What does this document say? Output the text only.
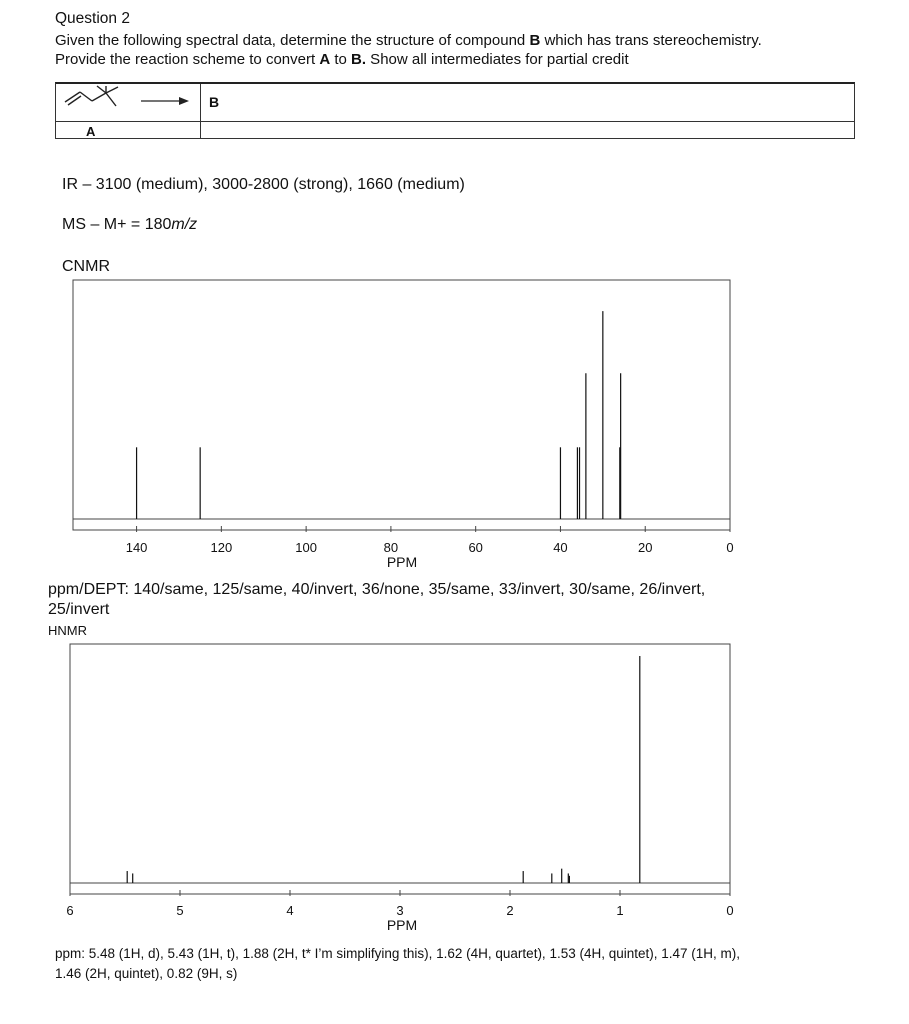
Question 2
Given the following spectral data, determine the structure of compound B which has trans stereochemistry.
Provide the reaction scheme to convert A to B. Show all intermediates for partial credit
A
B
IR – 3100 (medium), 3000-2800 (strong), 1660 (medium)
MS – M+ = 180m/z
CNMR
140	120	100	80	60	40	20	0
PPM
ppm/DEPT: 140/same, 125/same, 40/invert, 36/none, 35/same, 33/invert, 30/same, 26/invert,
25/invert
HNMR
6	5	4	3	2	1	0
PPM
ppm: 5.48 (1H, d), 5.43 (1H, t), 1.88 (2H, t* I’m simplifying this), 1.62 (4H, quartet), 1.53 (4H, quintet), 1.47 (1H, m),
1.46 (2H, quintet), 0.82 (9H, s)
